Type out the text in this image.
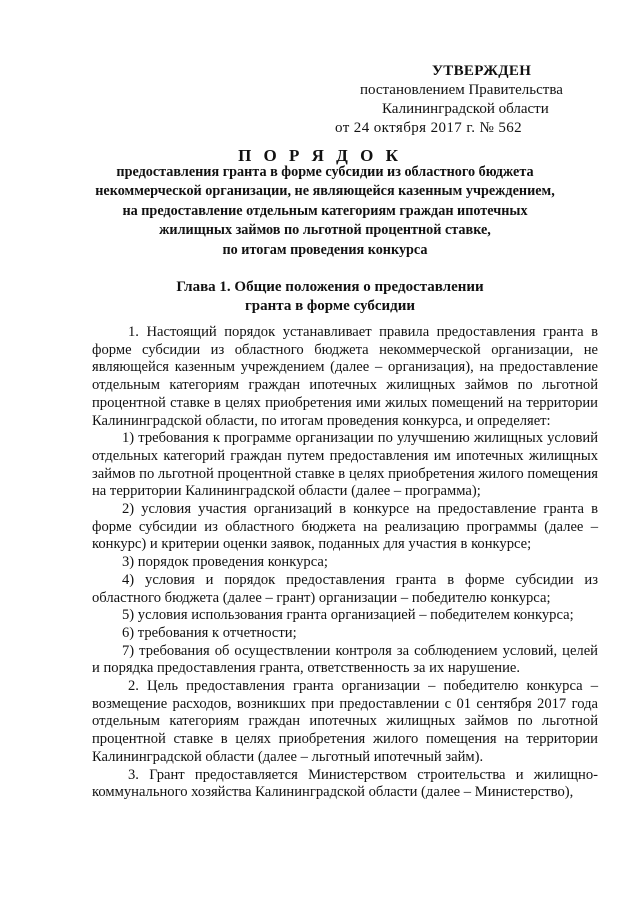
УТВЕРЖДЕН
постановлением Правительства
Калининградской области
от 24 октября 2017 г. № 562
П О Р Я Д О К
предоставления гранта в форме субсидии из областного бюджета
некоммерческой организации, не являющейся казенным учреждением,
на предоставление отдельным категориям граждан ипотечных
жилищных займов по льготной процентной ставке,
по итогам проведения конкурса
Глава 1. Общие положения о предоставлении
гранта в форме субсидии

1. Настоящий порядок устанавливает правила предоставления гранта в форме субсидии из областного бюджета некоммерческой организации, не являющейся казенным учреждением (далее – организация), на предоставление отдельным категориям граждан ипотечных жилищных займов по льготной процентной ставке в целях приобретения ими жилых помещений на территории Калининградской области, по итогам проведения конкурса, и определяет:

1) требования к программе организации по улучшению жилищных условий отдельных категорий граждан путем предоставления им ипотечных жилищных займов по льготной процентной ставке в целях приобретения жилого помещения на территории Калининградской области (далее – программа);

2) условия участия организаций в конкурсе на предоставление гранта в форме субсидии из областного бюджета на реализацию программы (далее – конкурс) и критерии оценки заявок, поданных для участия в конкурсе;

3) порядок проведения конкурса;

4) условия и порядок предоставления гранта в форме субсидии из областного бюджета (далее – грант) организации – победителю конкурса;

5) условия использования гранта организацией – победителем конкурса;

6) требования к отчетности;

7) требования об осуществлении контроля за соблюдением условий, целей и порядка предоставления гранта, ответственность за их нарушение.

2. Цель предоставления гранта организации – победителю конкурса – возмещение расходов, возникших при предоставлении с 01 сентября 2017 года отдельным категориям граждан ипотечных жилищных займов по льготной процентной ставке в целях приобретения жилого помещения на территории Калининградской области (далее – льготный ипотечный займ).

3. Грант предоставляется Министерством строительства и жилищно-коммунального хозяйства Калининградской области (далее – Министерство),
